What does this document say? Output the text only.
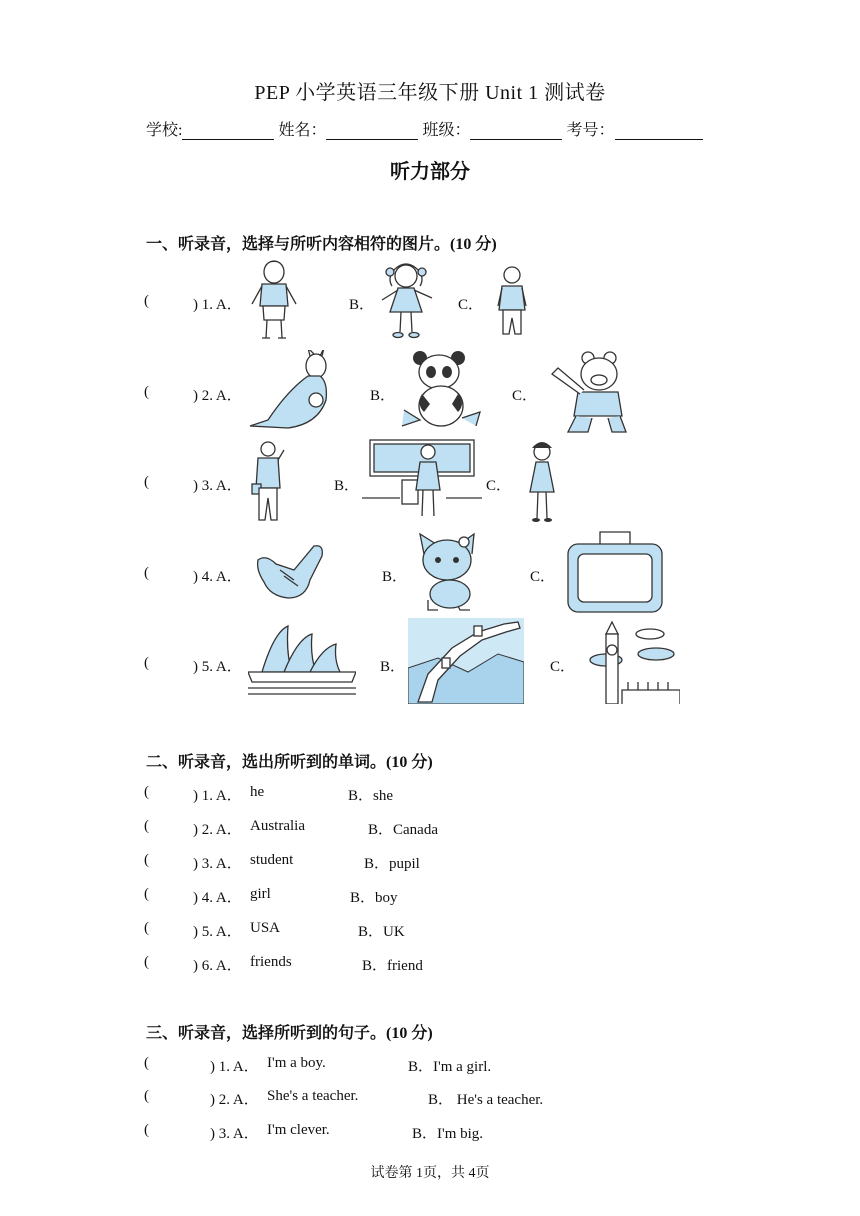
PEP 小学英语三年级下册 Unit 1 测试卷
学校:	姓名：	班级：	考号：
听力部分
一、听录音，选择与所听内容相符的图片。(10 分)
(	) 1. A．	B．	C．
(	) 2. A．	B．	C．
(	) 3. A．	B．	C．
(	) 4. A．	B．	C．
(	) 5. A．	B．	C．
二、听录音，选出所听到的单词。(10 分)
(	) 1. A． he	B．she
(	) 2. A． Australia	B．Canada
(	) 3. A． student	B．pupil
(	) 4. A． girl	B．boy
(	) 5. A． USA	B．UK
(	) 6. A． friends	B．friend
三、听录音，选择所听到的句子。(10 分)
(	) 1. A． I'm a boy.	B．I'm a girl.
(	) 2. A． She's a teacher.	B． He's a teacher.
(	) 3. A． I'm clever.	B．I'm big.
试卷第 1页，共 4页
